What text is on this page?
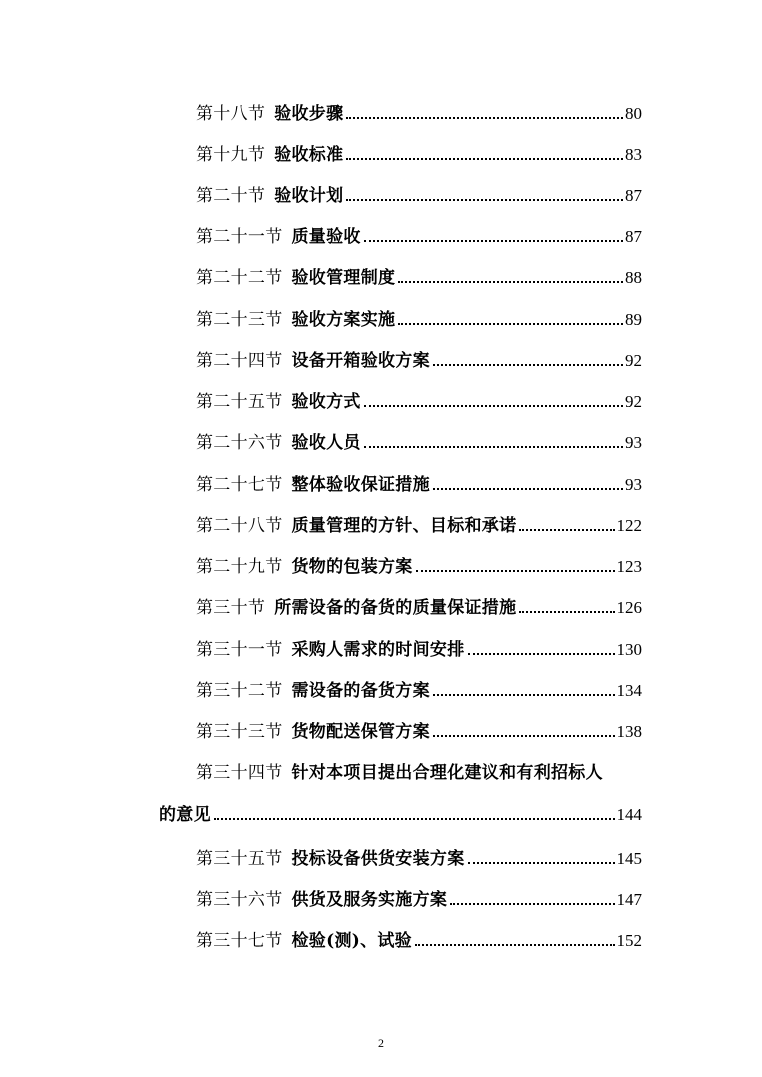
第十八节 验收步骤	80
第十九节 验收标准	83
第二十节 验收计划	87
第二十一节 质量验收	87
第二十二节 验收管理制度	88
第二十三节 验收方案实施	89
第二十四节 设备开箱验收方案	92
第二十五节 验收方式	92
第二十六节 验收人员	93
第二十七节 整体验收保证措施	93
第二十八节 质量管理的方针、目标和承诺	122
第二十九节 货物的包装方案	123
第三十节 所需设备的备货的质量保证措施	126
第三十一节 采购人需求的时间安排	130
第三十二节 需设备的备货方案	134
第三十三节 货物配送保管方案	138
第三十四节 针对本项目提出合理化建议和有利招标人
的意见	144
第三十五节 投标设备供货安装方案	145
第三十六节 供货及服务实施方案	147
第三十七节 检验(测)、试验	152
2
